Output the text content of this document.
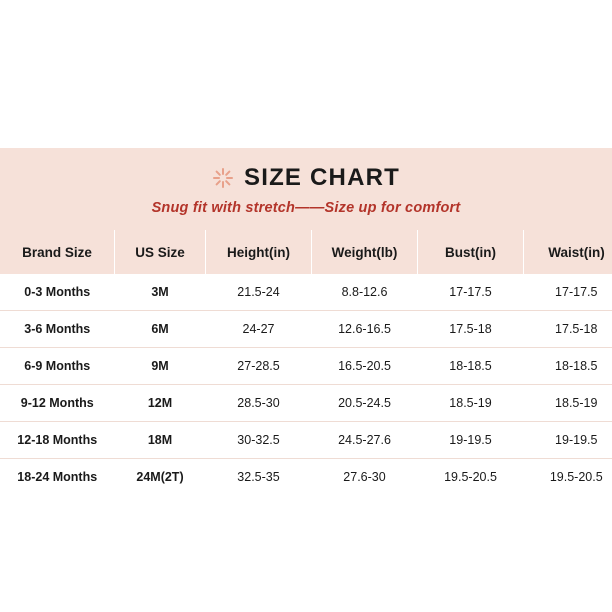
SIZE CHART
Snug fit with stretch——Size up for comfort
Brand Size	US Size	Height(in)	Weight(lb)	Bust(in)	Waist(in)
0-3 Months	3M	21.5-24	8.8-12.6	17-17.5	17-17.5
3-6 Months	6M	24-27	12.6-16.5	17.5-18	17.5-18
6-9 Months	9M	27-28.5	16.5-20.5	18-18.5	18-18.5
9-12 Months	12M	28.5-30	20.5-24.5	18.5-19	18.5-19
12-18 Months	18M	30-32.5	24.5-27.6	19-19.5	19-19.5
18-24 Months	24M(2T)	32.5-35	27.6-30	19.5-20.5	19.5-20.5
